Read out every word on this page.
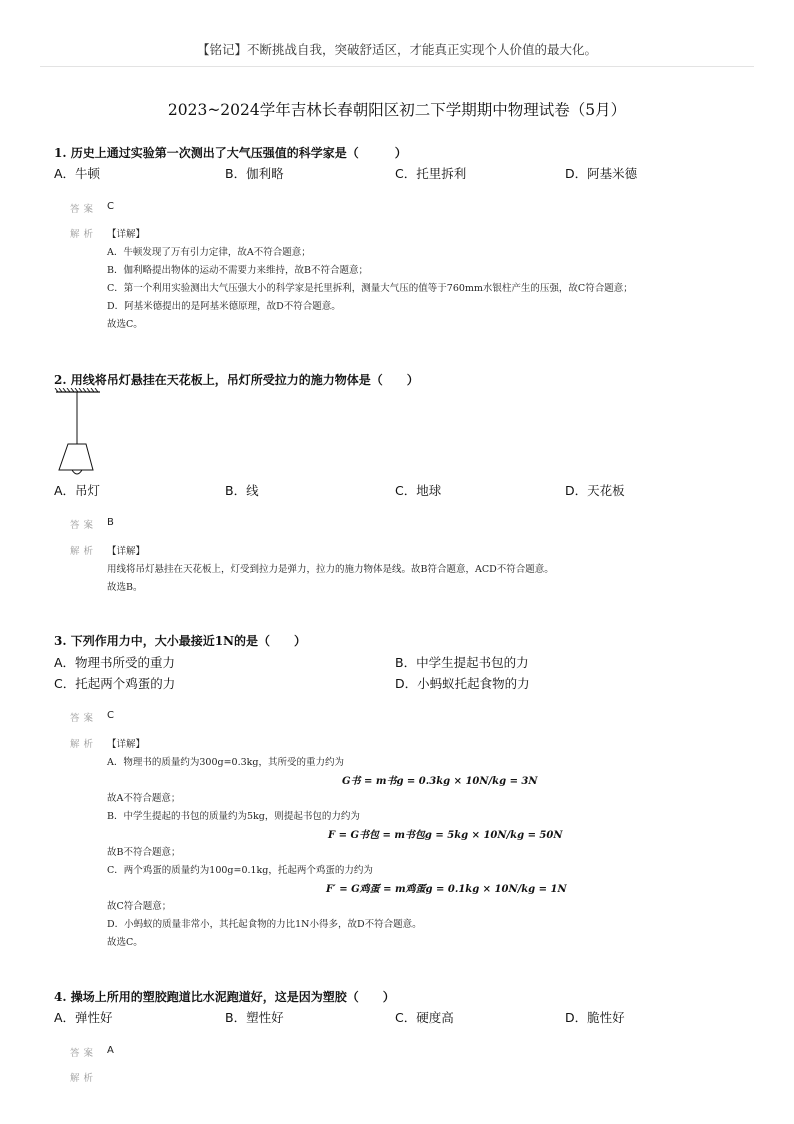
【铭记】不断挑战自我，突破舒适区，才能真正实现个人价值的最大化。
2023~2024学年吉林长春朝阳区初二下学期期中物理试卷（5月）
1. 历史上通过实验第一次测出了大气压强值的科学家是（　　　）
A．牛顿	B．伽利略	C．托里拆利	D．阿基米德
答案 C
解析 【详解】
A．牛顿发现了万有引力定律，故A不符合题意；
B．伽利略提出物体的运动不需要力来维持，故B不符合题意；
C．第一个利用实验测出大气压强大小的科学家是托里拆利，测量大气压的值等于760mm水银柱产生的压强，故C符合题意；
D．阿基米德提出的是阿基米德原理，故D不符合题意。
故选C。
2. 用线将吊灯悬挂在天花板上，吊灯所受拉力的施力物体是（　　）
A．吊灯	B．线	C．地球	D．天花板
答案 B
解析 【详解】
用线将吊灯悬挂在天花板上，灯受到拉力是弹力，拉力的施力物体是线。故B符合题意，ACD不符合题意。
故选B。
3. 下列作用力中，大小最接近1N的是（　　）
A．物理书所受的重力	B．中学生提起书包的力
C．托起两个鸡蛋的力	D．小蚂蚁托起食物的力
答案 C
解析 【详解】
A．物理书的质量约为300g=0.3kg，其所受的重力约为
G书 = m书g = 0.3kg × 10N/kg = 3N
故A不符合题意；
B．中学生提起的书包的质量约为5kg，则提起书包的力约为
F = G书包 = m书包g = 5kg × 10N/kg = 50N
故B不符合题意；
C．两个鸡蛋的质量约为100g=0.1kg，托起两个鸡蛋的力约为
F′ = G鸡蛋 = m鸡蛋g = 0.1kg × 10N/kg = 1N
故C符合题意；
D．小蚂蚁的质量非常小，其托起食物的力比1N小得多，故D不符合题意。
故选C。
4. 操场上所用的塑胶跑道比水泥跑道好，这是因为塑胶（　　）
A．弹性好	B．塑性好	C．硬度高	D．脆性好
答案 A
解析
